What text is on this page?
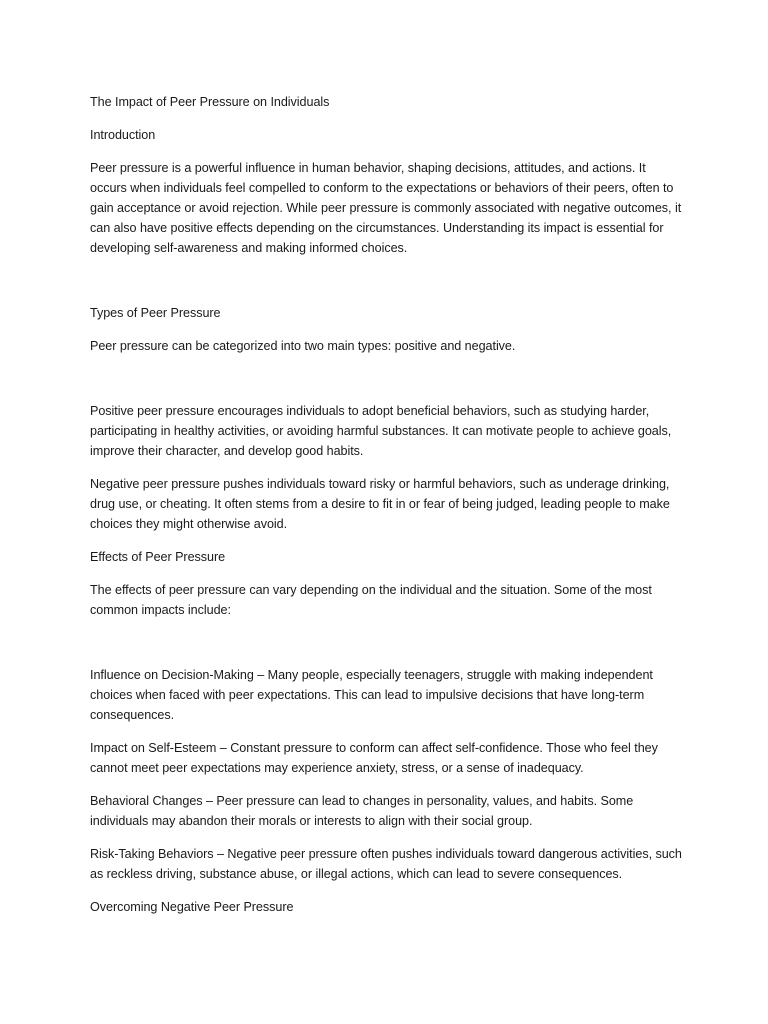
The Impact of Peer Pressure on Individuals

Introduction

Peer pressure is a powerful influence in human behavior, shaping decisions, attitudes, and actions. It occurs when individuals feel compelled to conform to the expectations or behaviors of their peers, often to gain acceptance or avoid rejection. While peer pressure is commonly associated with negative outcomes, it can also have positive effects depending on the circumstances. Understanding its impact is essential for developing self-awareness and making informed choices.

Types of Peer Pressure

Peer pressure can be categorized into two main types: positive and negative.

Positive peer pressure encourages individuals to adopt beneficial behaviors, such as studying harder, participating in healthy activities, or avoiding harmful substances. It can motivate people to achieve goals, improve their character, and develop good habits.

Negative peer pressure pushes individuals toward risky or harmful behaviors, such as underage drinking, drug use, or cheating. It often stems from a desire to fit in or fear of being judged, leading people to make choices they might otherwise avoid.

Effects of Peer Pressure

The effects of peer pressure can vary depending on the individual and the situation. Some of the most common impacts include:

Influence on Decision-Making – Many people, especially teenagers, struggle with making independent choices when faced with peer expectations. This can lead to impulsive decisions that have long-term consequences.

Impact on Self-Esteem – Constant pressure to conform can affect self-confidence. Those who feel they cannot meet peer expectations may experience anxiety, stress, or a sense of inadequacy.

Behavioral Changes – Peer pressure can lead to changes in personality, values, and habits. Some individuals may abandon their morals or interests to align with their social group.

Risk-Taking Behaviors – Negative peer pressure often pushes individuals toward dangerous activities, such as reckless driving, substance abuse, or illegal actions, which can lead to severe consequences.

Overcoming Negative Peer Pressure
